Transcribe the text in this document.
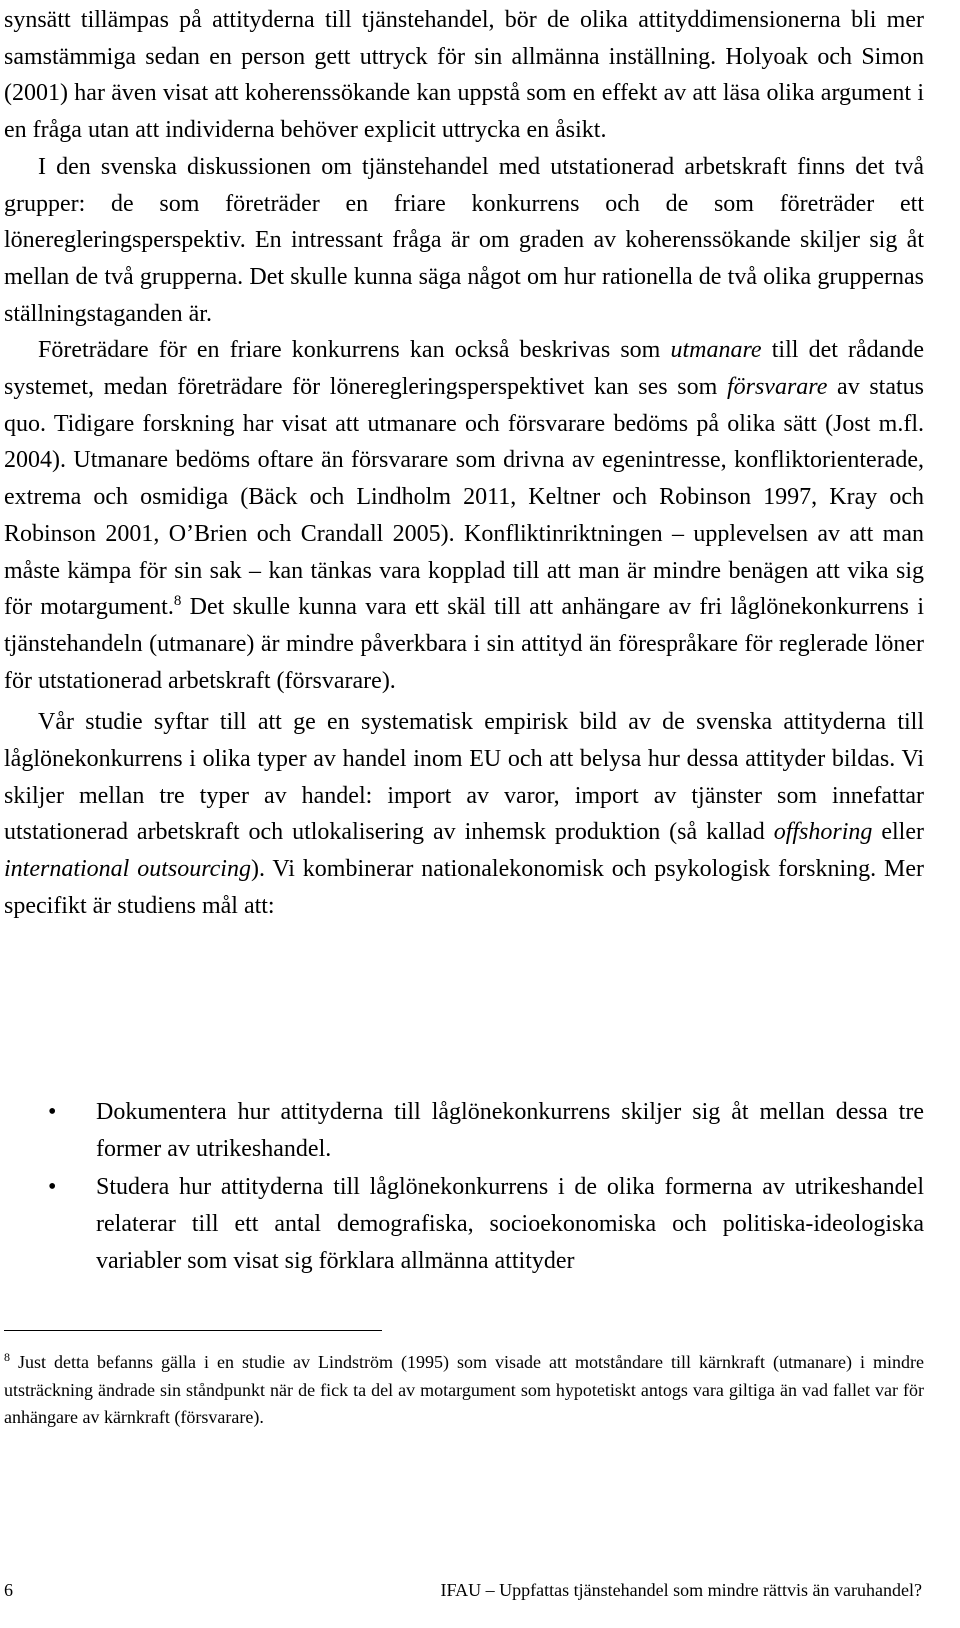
synsätt tillämpas på attityderna till tjänstehandel, bör de olika attityddimensionerna bli mer samstämmiga sedan en person gett uttryck för sin allmänna inställning. Holyoak och Simon (2001) har även visat att koherenssökande kan uppstå som en effekt av att läsa olika argument i en fråga utan att individerna behöver explicit uttrycka en åsikt.

I den svenska diskussionen om tjänstehandel med utstationerad arbetskraft finns det två grupper: de som företräder en friare konkurrens och de som företräder ett löneregleringsperspektiv. En intressant fråga är om graden av koherenssökande skiljer sig åt mellan de två grupperna. Det skulle kunna säga något om hur rationella de två olika gruppernas ställningstaganden är.

Företrädare för en friare konkurrens kan också beskrivas som utmanare till det rådande systemet, medan företrädare för löneregleringsperspektivet kan ses som försvarare av status quo. Tidigare forskning har visat att utmanare och försvarare bedöms på olika sätt (Jost m.fl. 2004). Utmanare bedöms oftare än försvarare som drivna av egenintresse, konfliktorienterade, extrema och osmidiga (Bäck och Lindholm 2011, Keltner och Robinson 1997, Kray och Robinson 2001, O’Brien och Crandall 2005). Konfliktinriktningen – upplevelsen av att man måste kämpa för sin sak – kan tänkas vara kopplad till att man är mindre benägen att vika sig för motargument.$^8$ Det skulle kunna vara ett skäl till att anhängare av fri låglönekonkurrens i tjänstehandeln (utmanare) är mindre påverkbara i sin attityd än förespråkare för reglerade löner för utstationerad arbetskraft (försvarare).

Vår studie syftar till att ge en systematisk empirisk bild av de svenska attityderna till låglönekonkurrens i olika typer av handel inom EU och att belysa hur dessa attityder bildas. Vi skiljer mellan tre typer av handel: import av varor, import av tjänster som innefattar utstationerad arbetskraft och utlokalisering av inhemsk produktion (så kallad offshoring eller international outsourcing). Vi kombinerar nationalekonomisk och psykologisk forskning. Mer specifikt är studiens mål att:

• Dokumentera hur attityderna till låglönekonkurrens skiljer sig åt mellan dessa tre former av utrikeshandel.
• Studera hur attityderna till låglönekonkurrens i de olika formerna av utrikeshandel relaterar till ett antal demografiska, socioekonomiska och politiska-ideologiska variabler som visat sig förklara allmänna attityder

$^8$ Just detta befanns gälla i en studie av Lindström (1995) som visade att motståndare till kärnkraft (utmanare) i mindre utsträckning ändrade sin ståndpunkt när de fick ta del av motargument som hypotetiskt antogs vara giltiga än vad fallet var för anhängare av kärnkraft (försvarare).

6	IFAU – Uppfattas tjänstehandel som mindre rättvis än varuhandel?
